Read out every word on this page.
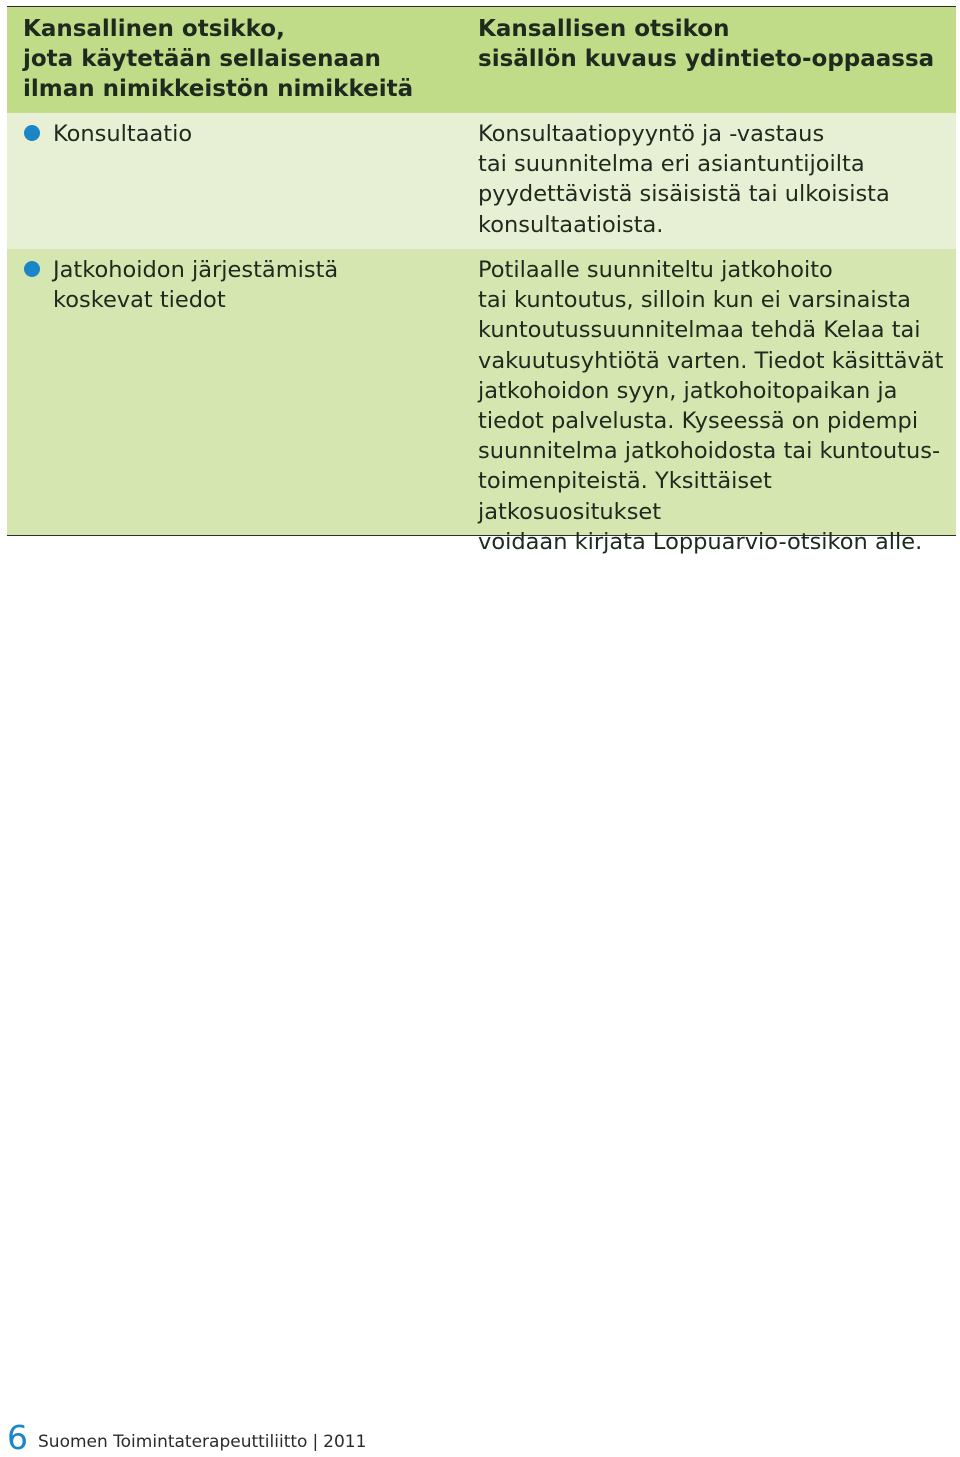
Kansallinen otsikko,
jota käytetään sellaisenaan
ilman nimikkeistön nimikkeitä
Kansallisen otsikon
sisällön kuvaus ydintieto-oppaassa
Konsultaatio	Konsultaatiopyyntö ja -vastaus
tai suunnitelma eri asiantuntijoilta
pyydettävistä sisäisistä tai ulkoisista
konsultaatioista.
Jatkohoidon järjestämistä
koskevat tiedot
Potilaalle suunniteltu jatkohoito
tai kuntoutus, silloin kun ei varsinaista
kuntoutussuunnitelmaa tehdä Kelaa tai
vakuutusyhtiötä varten. Tiedot käsittävät
jatkohoidon syyn, jatkohoitopaikan ja
tiedot palvelusta. Kyseessä on pidempi
suunnitelma jatkohoidosta tai kuntoutus-
toimenpiteistä. Yksittäiset jatkosuositukset
voidaan kirjata Loppuarvio-otsikon alle.
6 Suomen Toimintaterapeuttiliitto | 2011
